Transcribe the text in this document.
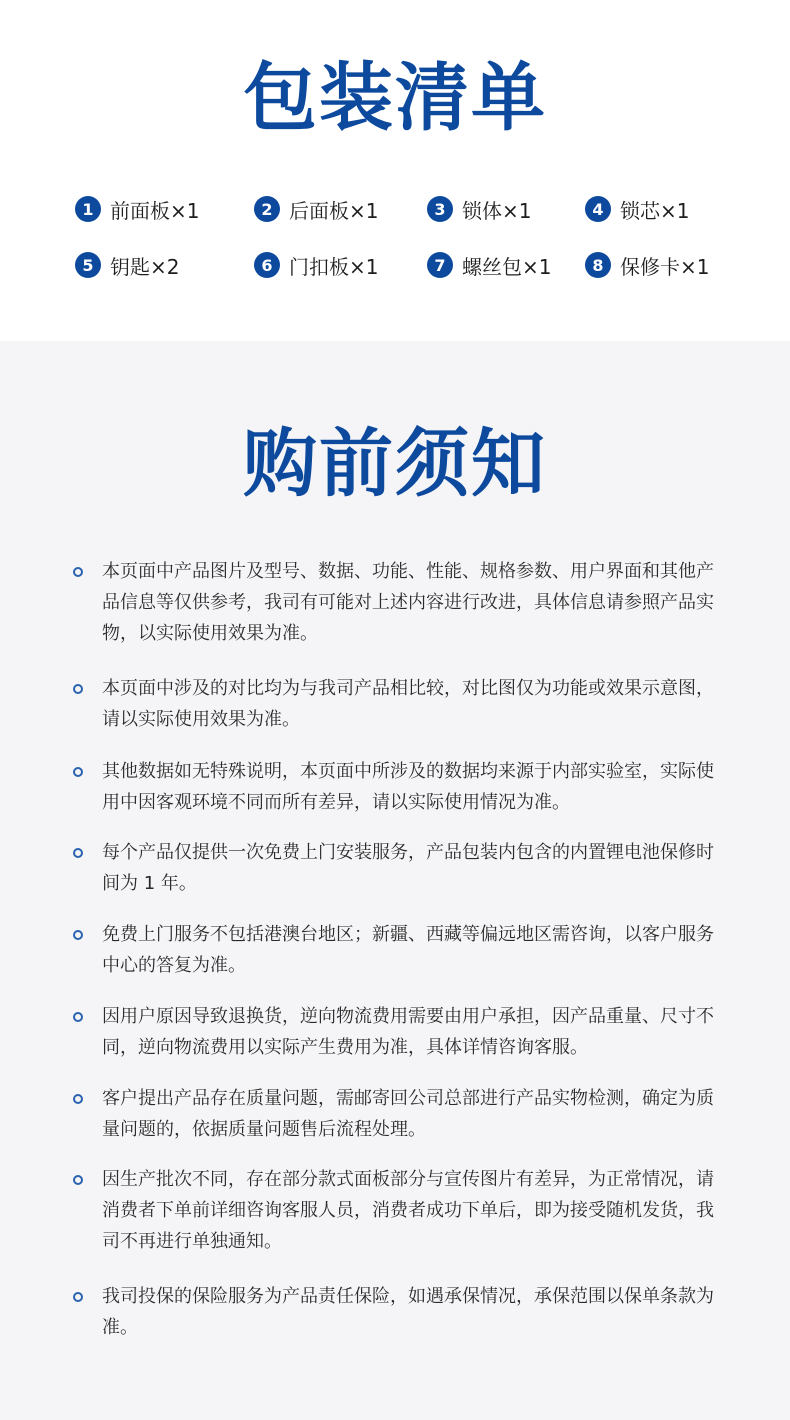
包装清单
1 前面板×1	2 后面板×1	3 锁体×1	4 锁芯×1
5 钥匙×2	6 门扣板×1	7 螺丝包×1	8 保修卡×1
购前须知

本页面中产品图片及型号、数据、功能、性能、规格参数、用户界面和其他产品信息等仅供参考，我司有可能对上述内容进行改进，具体信息请参照产品实物，以实际使用效果为准。

本页面中涉及的对比均为与我司产品相比较，对比图仅为功能或效果示意图，请以实际使用效果为准。

其他数据如无特殊说明，本页面中所涉及的数据均来源于内部实验室，实际使用中因客观环境不同而所有差异，请以实际使用情况为准。

每个产品仅提供一次免费上门安装服务，产品包装内包含的内置锂电池保修时间为 1 年。

免费上门服务不包括港澳台地区；新疆、西藏等偏远地区需咨询，以客户服务中心的答复为准。

因用户原因导致退换货，逆向物流费用需要由用户承担，因产品重量、尺寸不同，逆向物流费用以实际产生费用为准，具体详情咨询客服。

客户提出产品存在质量问题，需邮寄回公司总部进行产品实物检测，确定为质量问题的，依据质量问题售后流程处理。

因生产批次不同，存在部分款式面板部分与宣传图片有差异，为正常情况，请消费者下单前详细咨询客服人员，消费者成功下单后，即为接受随机发货，我司不再进行单独通知。

我司投保的保险服务为产品责任保险，如遇承保情况，承保范围以保单条款为准。
